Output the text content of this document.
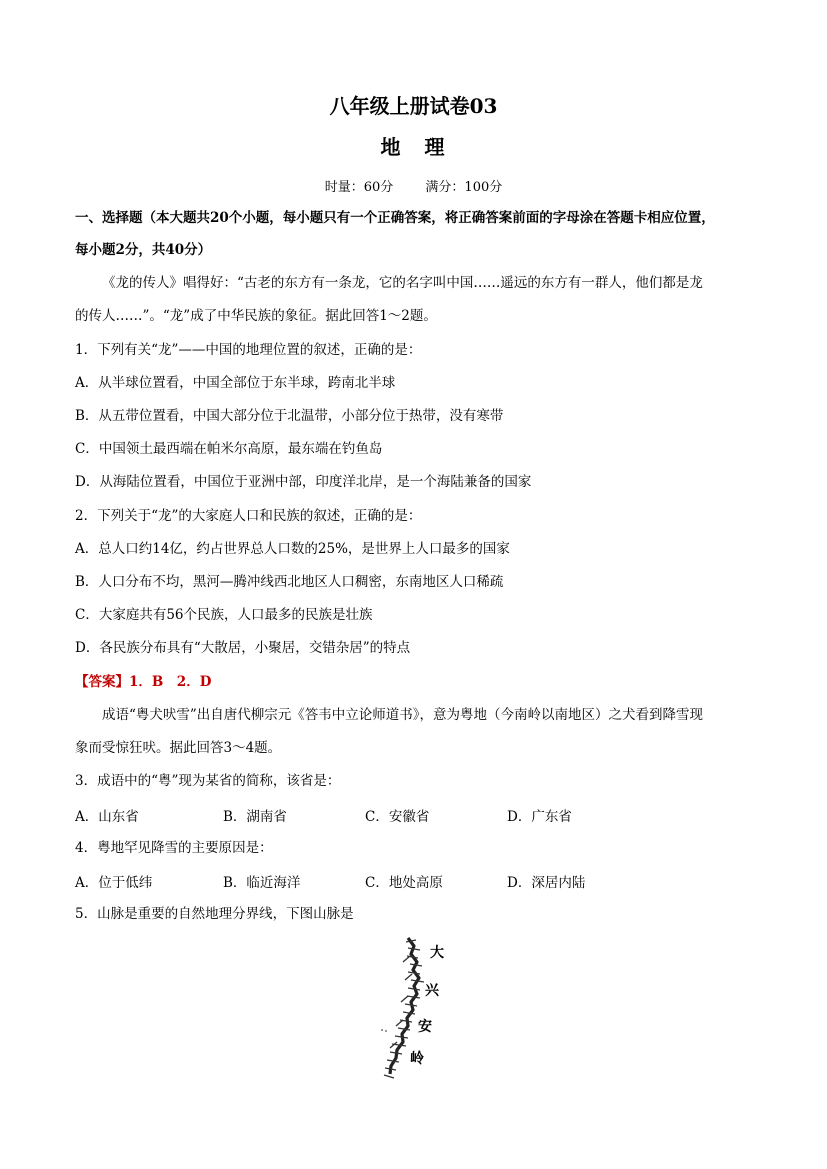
八年级上册试卷03
地　理
时量：60分 满分：100分
一、选择题（本大题共20个小题，每小题只有一个正确答案，将正确答案前面的字母涂在答题卡相应位置，
每小题2分，共40分）
《龙的传人》唱得好：“古老的东方有一条龙，它的名字叫中国……遥远的东方有一群人，他们都是龙
的传人……”。“龙”成了中华民族的象征。据此回答1～2题。
1．下列有关“龙”——中国的地理位置的叙述，正确的是：
A．从半球位置看，中国全部位于东半球，跨南北半球
B．从五带位置看，中国大部分位于北温带，小部分位于热带，没有寒带
C．中国领土最西端在帕米尔高原，最东端在钓鱼岛
D．从海陆位置看，中国位于亚洲中部，印度洋北岸，是一个海陆兼备的国家
2．下列关于“龙”的大家庭人口和民族的叙述，正确的是：
A．总人口约14亿，约占世界总人口数的25%，是世界上人口最多的国家
B．人口分布不均，黑河—腾冲线西北地区人口稠密，东南地区人口稀疏
C．大家庭共有56个民族，人口最多的民族是壮族
D．各民族分布具有“大散居，小聚居，交错杂居”的特点
【答案】1．B　2．D
成语“粤犬吠雪”出自唐代柳宗元《答韦中立论师道书》，意为粤地（今南岭以南地区）之犬看到降雪现
象而受惊狂吠。据此回答3～4题。
3．成语中的“粤”现为某省的简称，该省是：
A．山东省	B．湖南省	C．安徽省	D．广东省
4．粤地罕见降雪的主要原因是：
A．位于低纬	B．临近海洋	C．地处高原	D．深居内陆
5．山脉是重要的自然地理分界线，下图山脉是
大
兴
安
岭
